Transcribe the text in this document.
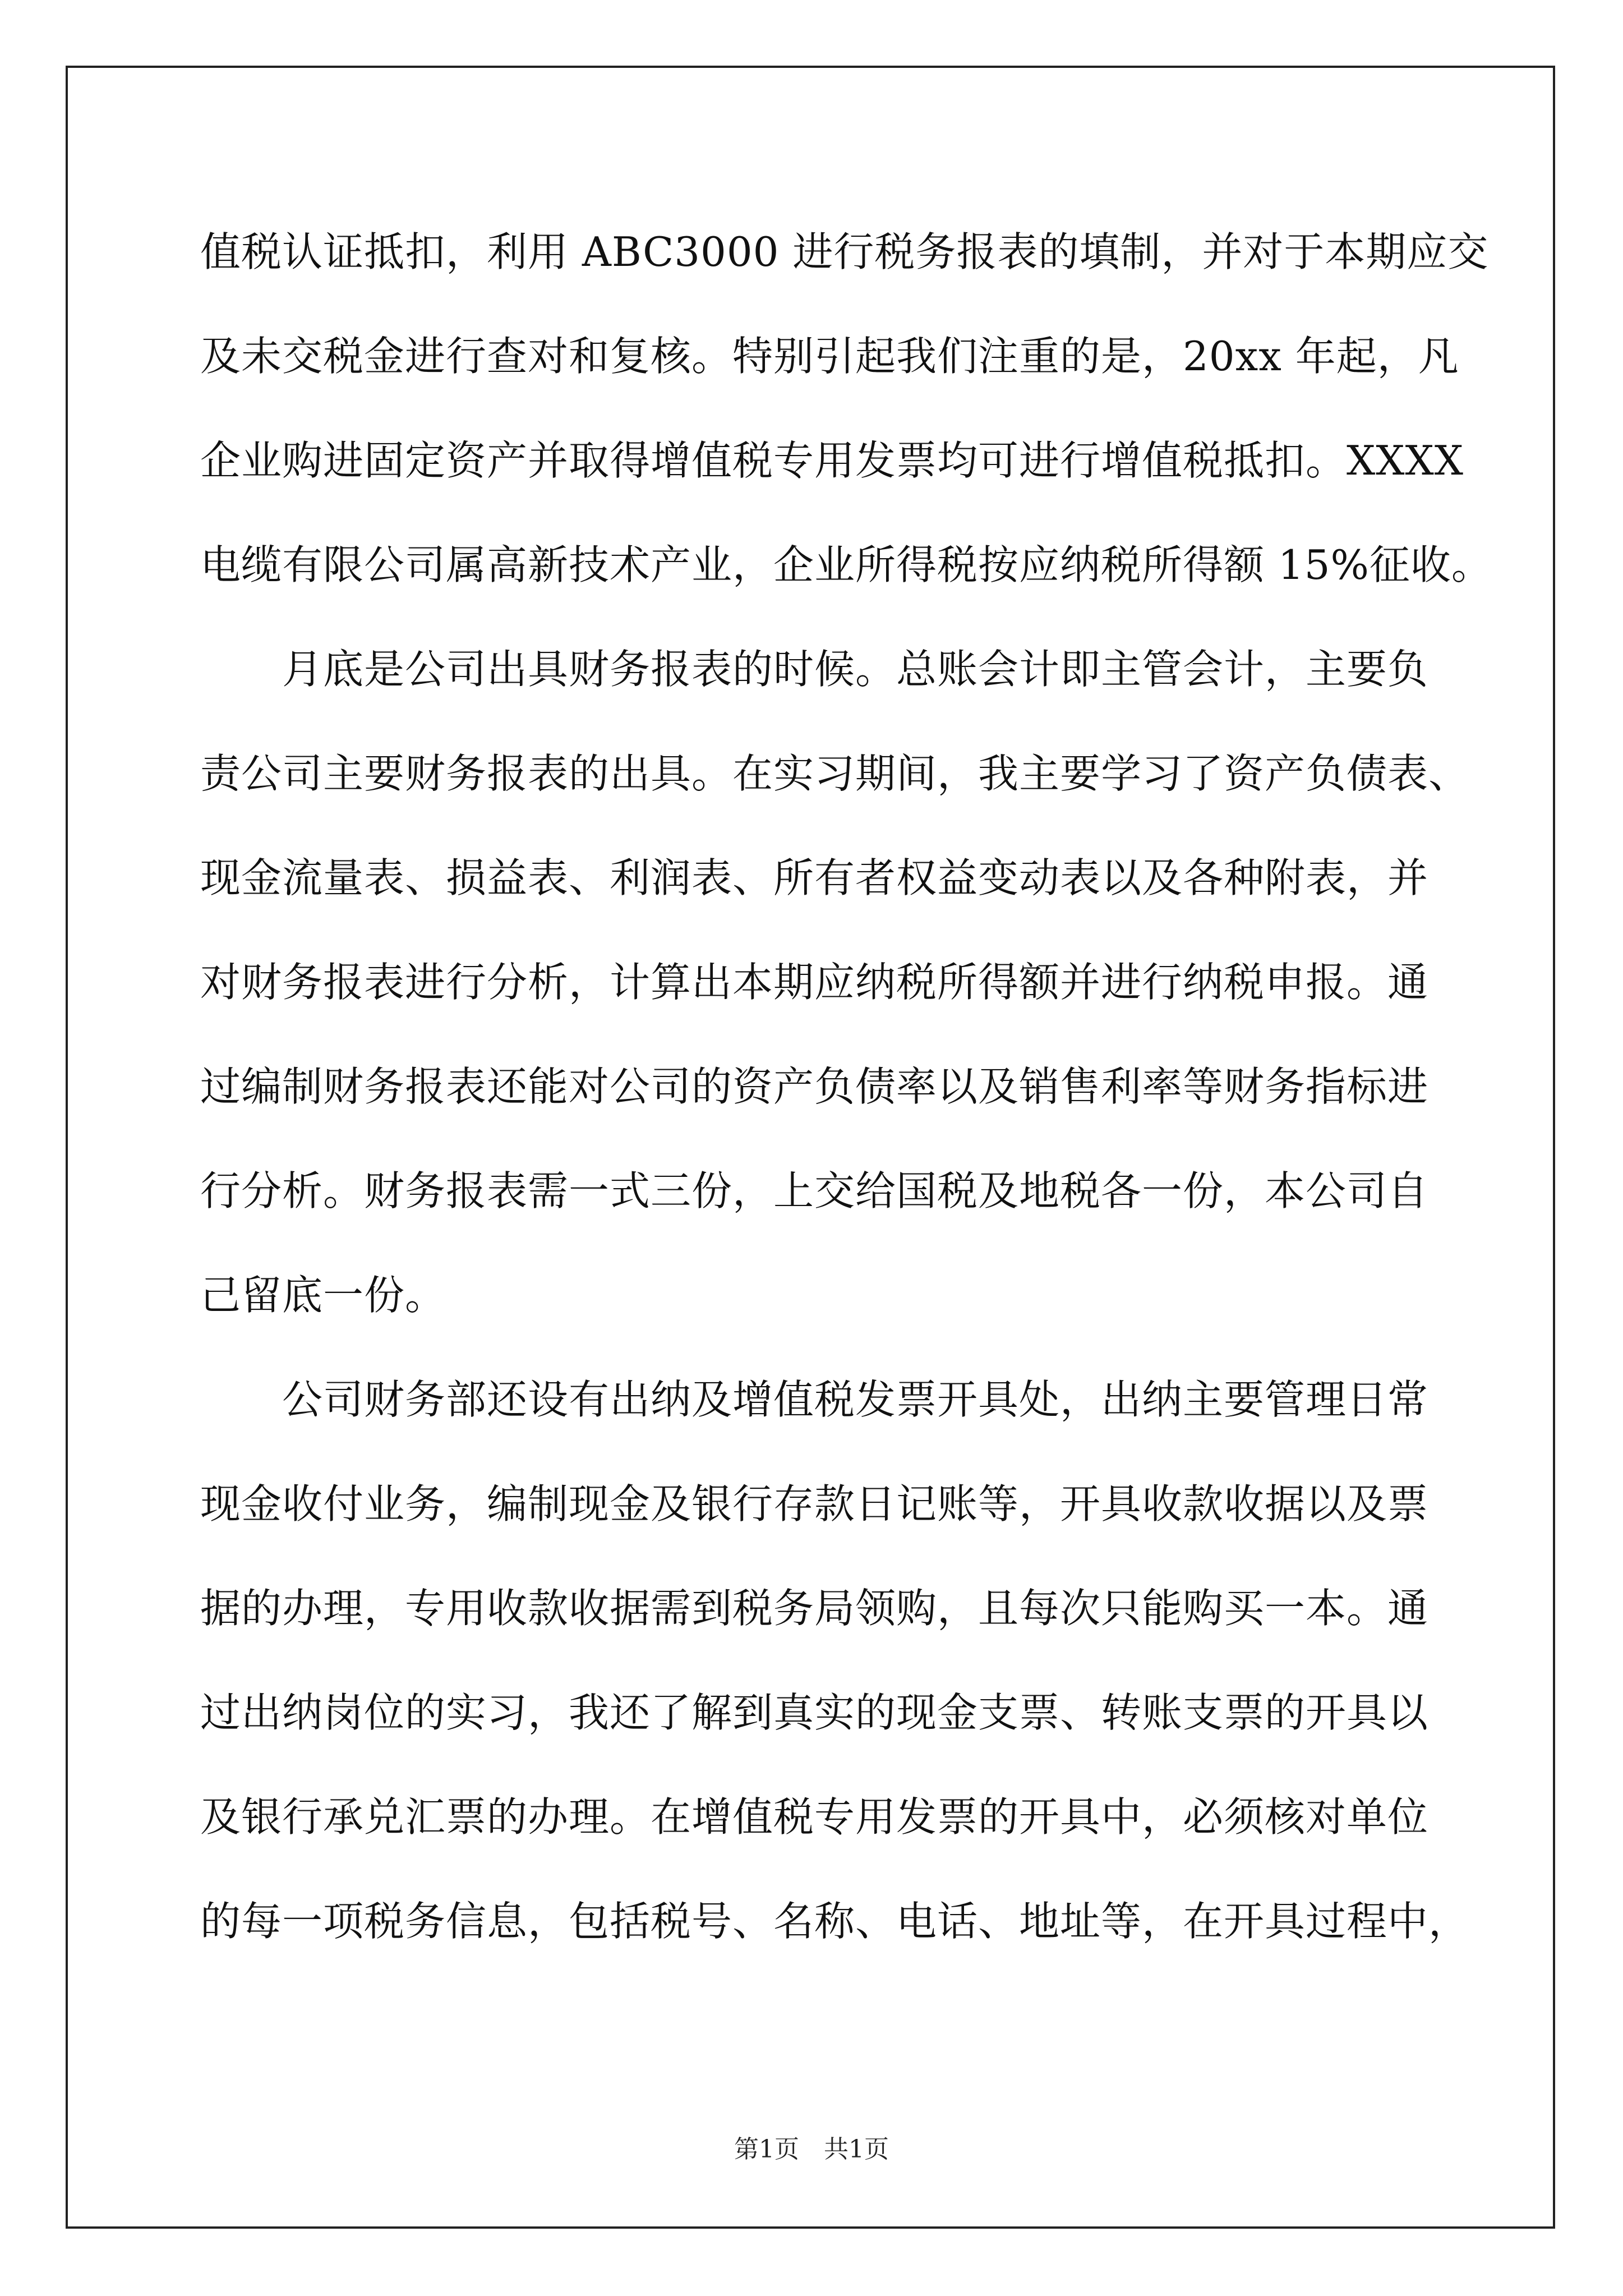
值税认证抵扣，利用 ABC3000 进行税务报表的填制，并对于本期应交
及未交税金进行查对和复核。特别引起我们注重的是，20xx 年起，凡
企业购进固定资产并取得增值税专用发票均可进行增值税抵扣。XXXX
电缆有限公司属高新技术产业，企业所得税按应纳税所得额 15%征收。
　　月底是公司出具财务报表的时候。总账会计即主管会计，主要负
责公司主要财务报表的出具。在实习期间，我主要学习了资产负债表、
现金流量表、损益表、利润表、所有者权益变动表以及各种附表，并
对财务报表进行分析，计算出本期应纳税所得额并进行纳税申报。通
过编制财务报表还能对公司的资产负债率以及销售利率等财务指标进
行分析。财务报表需一式三份，上交给国税及地税各一份，本公司自
己留底一份。
　　公司财务部还设有出纳及增值税发票开具处，出纳主要管理日常
现金收付业务，编制现金及银行存款日记账等，开具收款收据以及票
据的办理，专用收款收据需到税务局领购，且每次只能购买一本。通
过出纳岗位的实习，我还了解到真实的现金支票、转账支票的开具以
及银行承兑汇票的办理。在增值税专用发票的开具中，必须核对单位
的每一项税务信息，包括税号、名称、电话、地址等，在开具过程中，
第1页　共1页
